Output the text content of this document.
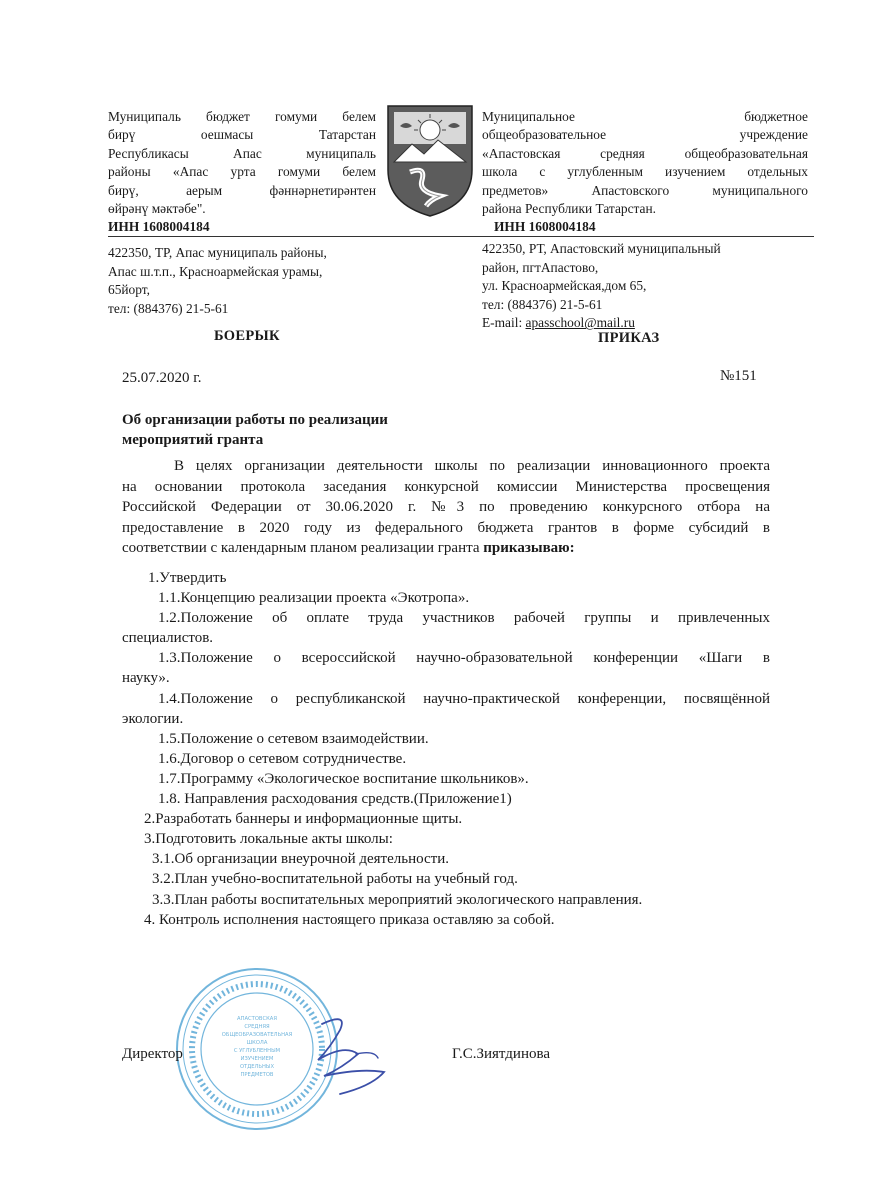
Муниципаль бюджет гомуми белем
бирү оешмасы Татарстан
Республикасы Апас муниципаль
районы «Апас урта гомуми белем
бирү, аерым фәннәрнетирәнтен
өйрәнү мәктәбе".
ИНН 1608004184
Муниципальное бюджетное
общеобразовательное учреждение
«Апастовская средняя общеобразовательная
школа с углубленным изучением отдельных
предметов» Апастовского муниципального
района Республики Татарстан.
ИНН 1608004184
422350, ТР, Апас муниципаль районы,
Апас ш.т.п., Красноармейская урамы,
65йорт,
тел: (884376) 21-5-61
422350, РТ, Апастовский муниципальный
район, пгтАпастово,
ул. Красноармейская,дом 65,
тел: (884376) 21-5-61
E-mail: apasschool@mail.ru
БОЕРЫК	ПРИКАЗ
25.07.2020 г.	№151
Об организации работы по реализации
мероприятий гранта
В целях организации деятельности школы по реализации инновационного проекта
на основании протокола заседания конкурсной комиссии Министерства просвещения
Российской Федерации от 30.06.2020 г. №3 по проведению конкурсного отбора на
предоставление в 2020 году из федерального бюджета грантов в форме субсидий в
соответствии с календарным планом реализации гранта приказываю:
1.Утвердить
1.1.Концепцию реализации проекта «Экотропа».
1.2.Положение об оплате труда участников рабочей группы и привлеченных
специалистов.
1.3.Положение о всероссийской научно-образовательной конференции «Шаги в
науку».
1.4.Положение о республиканской научно-практической конференции, посвящённой
экологии.
1.5.Положение о сетевом взаимодействии.
1.6.Договор о сетевом сотрудничестве.
1.7.Программу «Экологическое воспитание школьников».
1.8. Направления расходования средств.(Приложение1)
2.Разработать баннеры и информационные щиты.
3.Подготовить локальные акты школы:
3.1.Об организации внеурочной деятельности.
3.2.План учебно-воспитательной работы на учебный год.
3.3.План работы воспитательных мероприятий экологического направления.
4. Контроль исполнения настоящего приказа оставляю за собой.
АПАСТОВСКАЯ
СРЕДНЯЯ
ОБЩЕОБРАЗОВАТЕЛЬНАЯ
ШКОЛА
С УГЛУБЛЕННЫМ
ИЗУЧЕНИЕМ
ОТДЕЛЬНЫХ
ПРЕДМЕТОВ
Директор	Г.С.Зиятдинова
